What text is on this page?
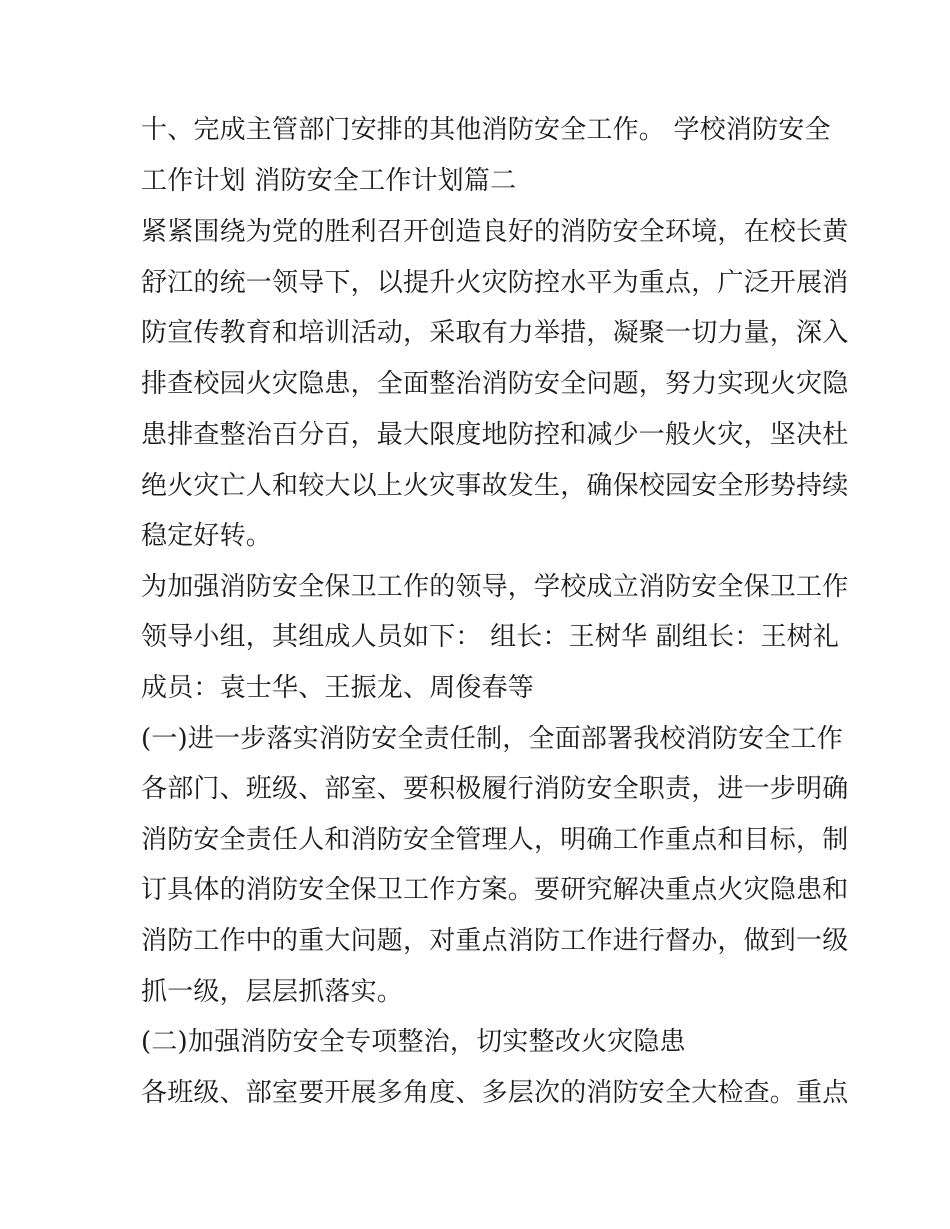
十、完成主管部门安排的其他消防安全工作。 学校消防安全
工作计划 消防安全工作计划篇二
紧紧围绕为党的胜利召开创造良好的消防安全环境，在校长黄
舒江的统一领导下，以提升火灾防控水平为重点，广泛开展消
防宣传教育和培训活动，采取有力举措，凝聚一切力量，深入
排查校园火灾隐患，全面整治消防安全问题，努力实现火灾隐
患排查整治百分百，最大限度地防控和减少一般火灾，坚决杜
绝火灾亡人和较大以上火灾事故发生，确保校园安全形势持续
稳定好转。
为加强消防安全保卫工作的领导，学校成立消防安全保卫工作
领导小组，其组成人员如下： 组长：王树华 副组长：王树礼
成员：袁士华、王振龙、周俊春等
(一)进一步落实消防安全责任制，全面部署我校消防安全工作
各部门、班级、部室、要积极履行消防安全职责，进一步明确
消防安全责任人和消防安全管理人，明确工作重点和目标，制
订具体的消防安全保卫工作方案。要研究解决重点火灾隐患和
消防工作中的重大问题，对重点消防工作进行督办，做到一级
抓一级，层层抓落实。
(二)加强消防安全专项整治，切实整改火灾隐患
各班级、部室要开展多角度、多层次的消防安全大检查。重点
